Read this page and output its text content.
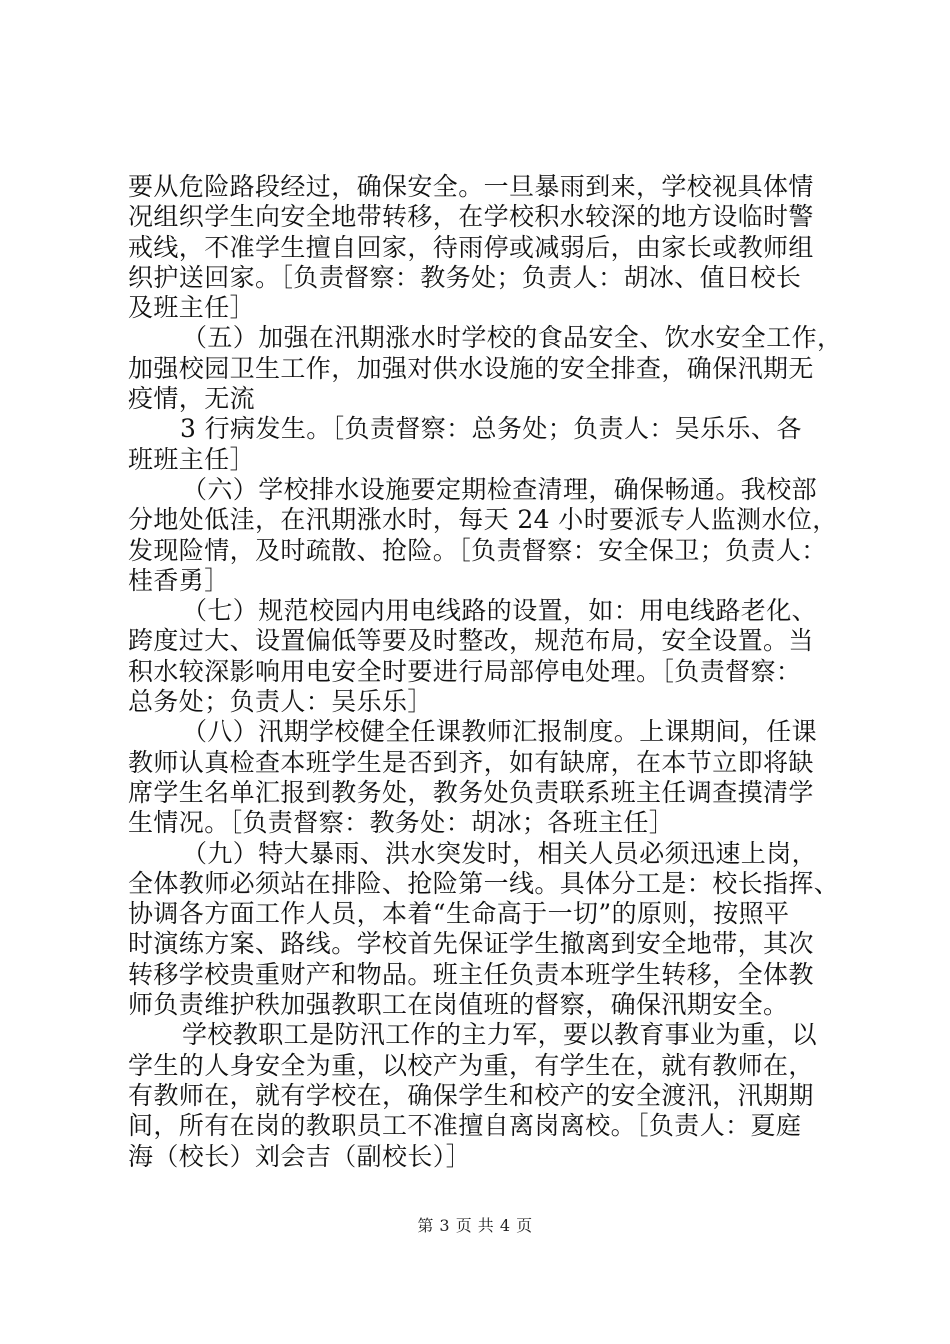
要从危险路段经过，确保安全。一旦暴雨到来，学校视具体情
况组织学生向安全地带转移，在学校积水较深的地方设临时警
戒线，不准学生擅自回家，待雨停或减弱后，由家长或教师组
织护送回家。［负责督察：教务处；负责人：胡冰、值日校长
及班主任］
（五）加强在汛期涨水时学校的食品安全、饮水安全工作，
加强校园卫生工作，加强对供水设施的安全排查，确保汛期无
疫情，无流
3 行病发生。［负责督察：总务处；负责人：吴乐乐、各
班班主任］
（六）学校排水设施要定期检查清理，确保畅通。我校部
分地处低洼，在汛期涨水时，每天 24 小时要派专人监测水位，
发现险情，及时疏散、抢险。［负责督察：安全保卫；负责人：
桂香勇］
（七）规范校园内用电线路的设置，如：用电线路老化、
跨度过大、设置偏低等要及时整改，规范布局，安全设置。当
积水较深影响用电安全时要进行局部停电处理。［负责督察：
总务处；负责人：吴乐乐］
（八）汛期学校健全任课教师汇报制度。上课期间，任课
教师认真检查本班学生是否到齐，如有缺席，在本节立即将缺
席学生名单汇报到教务处，教务处负责联系班主任调查摸清学
生情况。［负责督察：教务处：胡冰；各班主任］
（九）特大暴雨、洪水突发时，相关人员必须迅速上岗，
全体教师必须站在排险、抢险第一线。具体分工是：校长指挥、
协调各方面工作人员，本着“生命高于一切”的原则，按照平
时演练方案、路线。学校首先保证学生撤离到安全地带，其次
转移学校贵重财产和物品。班主任负责本班学生转移，全体教
师负责维护秩加强教职工在岗值班的督察，确保汛期安全。
学校教职工是防汛工作的主力军，要以教育事业为重，以
学生的人身安全为重，以校产为重，有学生在，就有教师在，
有教师在，就有学校在，确保学生和校产的安全渡汛，汛期期
间，所有在岗的教职员工不准擅自离岗离校。［负责人：夏庭
海（校长）刘会吉（副校长）］
第 3 页 共 4 页
